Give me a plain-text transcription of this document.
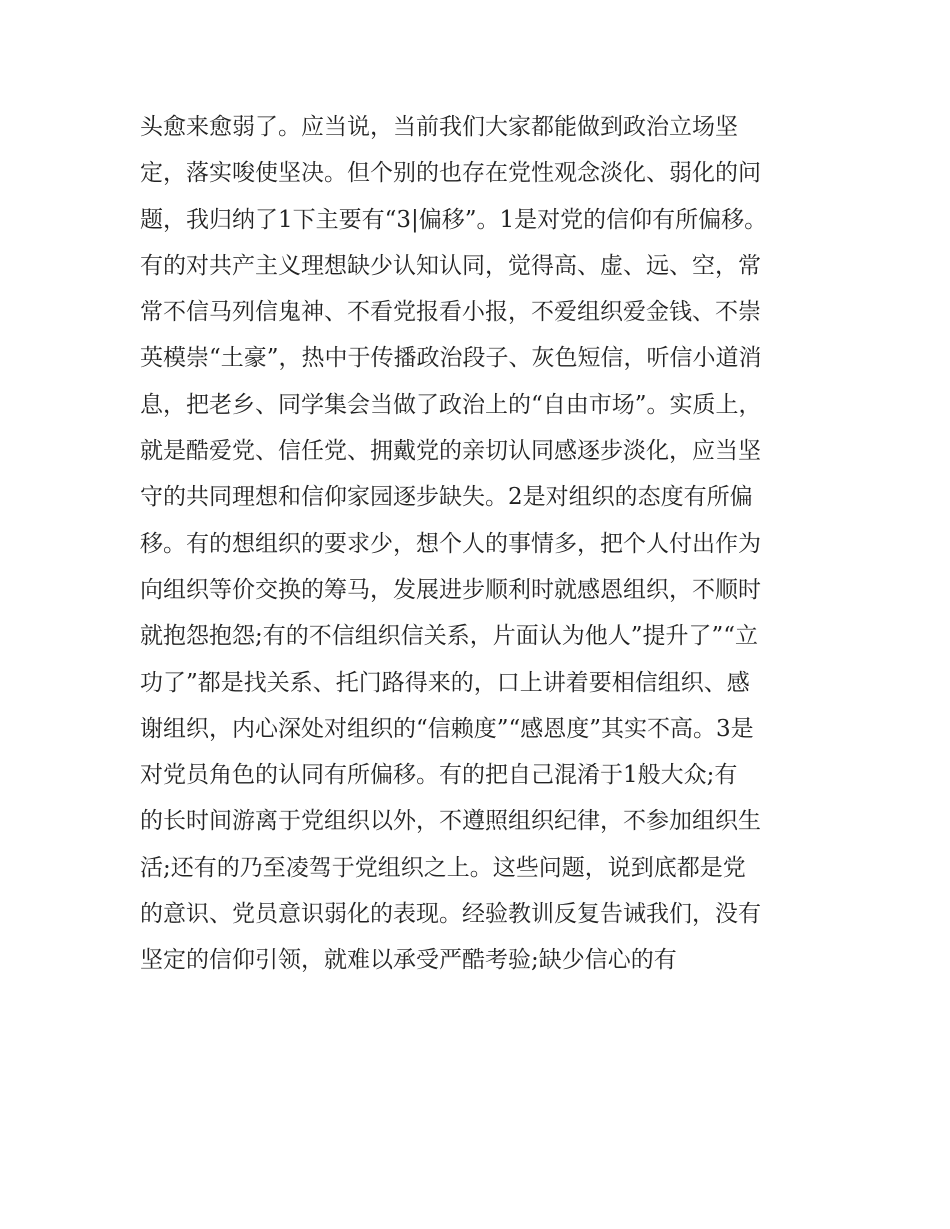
头愈来愈弱了。应当说，当前我们大家都能做到政治立场坚
定，落实唆使坚决。但个别的也存在党性观念淡化、弱化的问
题，我归纳了1下主要有“3|偏移”。1是对党的信仰有所偏移。
有的对共产主义理想缺少认知认同，觉得高、虚、远、空，常
常不信马列信鬼神、不看党报看小报，不爱组织爱金钱、不崇
英模崇“土豪”，热中于传播政治段子、灰色短信，听信小道消
息，把老乡、同学集会当做了政治上的“自由市场”。实质上，
就是酷爱党、信任党、拥戴党的亲切认同感逐步淡化，应当坚
守的共同理想和信仰家园逐步缺失。2是对组织的态度有所偏
移。有的想组织的要求少，想个人的事情多，把个人付出作为
向组织等价交换的筹马，发展进步顺利时就感恩组织，不顺时
就抱怨抱怨;有的不信组织信关系，片面认为他人”提升了”“立
功了”都是找关系、托门路得来的，口上讲着要相信组织、感
谢组织，内心深处对组织的“信赖度”“感恩度”其实不高。3是
对党员角色的认同有所偏移。有的把自己混淆于1般大众;有
的长时间游离于党组织以外，不遵照组织纪律，不参加组织生
活;还有的乃至凌驾于党组织之上。这些问题，说到底都是党
的意识、党员意识弱化的表现。经验教训反复告诫我们，没有
坚定的信仰引领，就难以承受严酷考验;缺少信心的有
